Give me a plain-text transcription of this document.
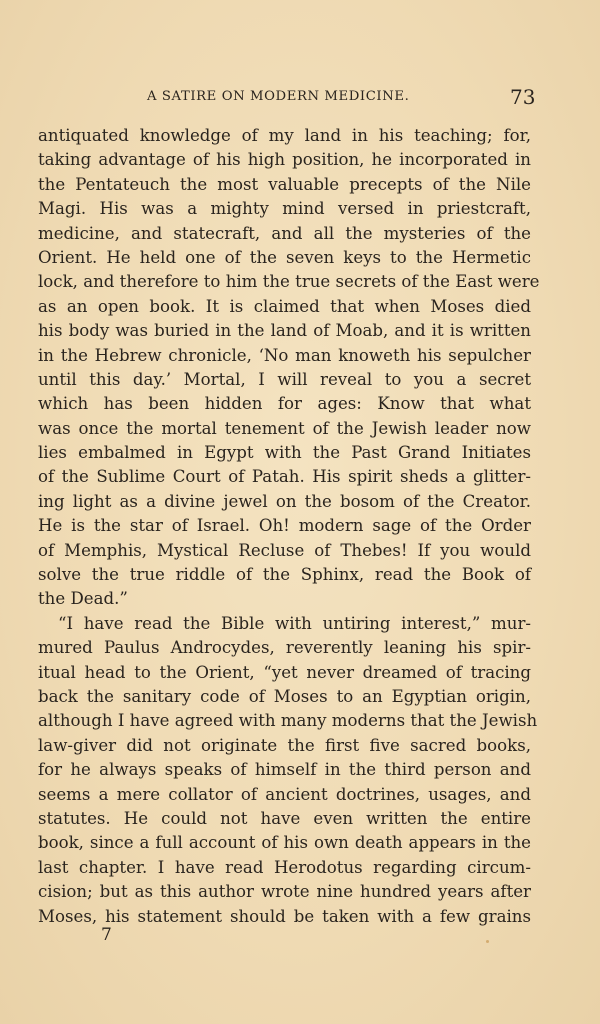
A SATIRE ON MODERN MEDICINE.	73
antiquated knowledge of my land in his teaching; for,
taking advantage of his high position, he incorporated in
the Pentateuch the most valuable precepts of the Nile
Magi. His was a mighty mind versed in priestcraft,
medicine, and statecraft, and all the mysteries of the
Orient. He held one of the seven keys to the Hermetic
lock, and therefore to him the true secrets of the East were
as an open book. It is claimed that when Moses died
his body was buried in the land of Moab, and it is written
in the Hebrew chronicle, ‘No man knoweth his sepulcher
until this day.’ Mortal, I will reveal to you a secret
which has been hidden for ages: Know that what
was once the mortal tenement of the Jewish leader now
lies embalmed in Egypt with the Past Grand Initiates
of the Sublime Court of Patah. His spirit sheds a glitter-
ing light as a divine jewel on the bosom of the Creator.
He is the star of Israel. Oh! modern sage of the Order
of Memphis, Mystical Recluse of Thebes! If you would
solve the true riddle of the Sphinx, read the Book of
the Dead.”
“I have read the Bible with untiring interest,” mur-
mured Paulus Androcydes, reverently leaning his spir-
itual head to the Orient, “yet never dreamed of tracing
back the sanitary code of Moses to an Egyptian origin,
although I have agreed with many moderns that the Jewish
law-giver did not originate the first five sacred books,
for he always speaks of himself in the third person and
seems a mere collator of ancient doctrines, usages, and
statutes. He could not have even written the entire
book, since a full account of his own death appears in the
last chapter. I have read Herodotus regarding circum-
cision; but as this author wrote nine hundred years after
Moses, his statement should be taken with a few grains
7
